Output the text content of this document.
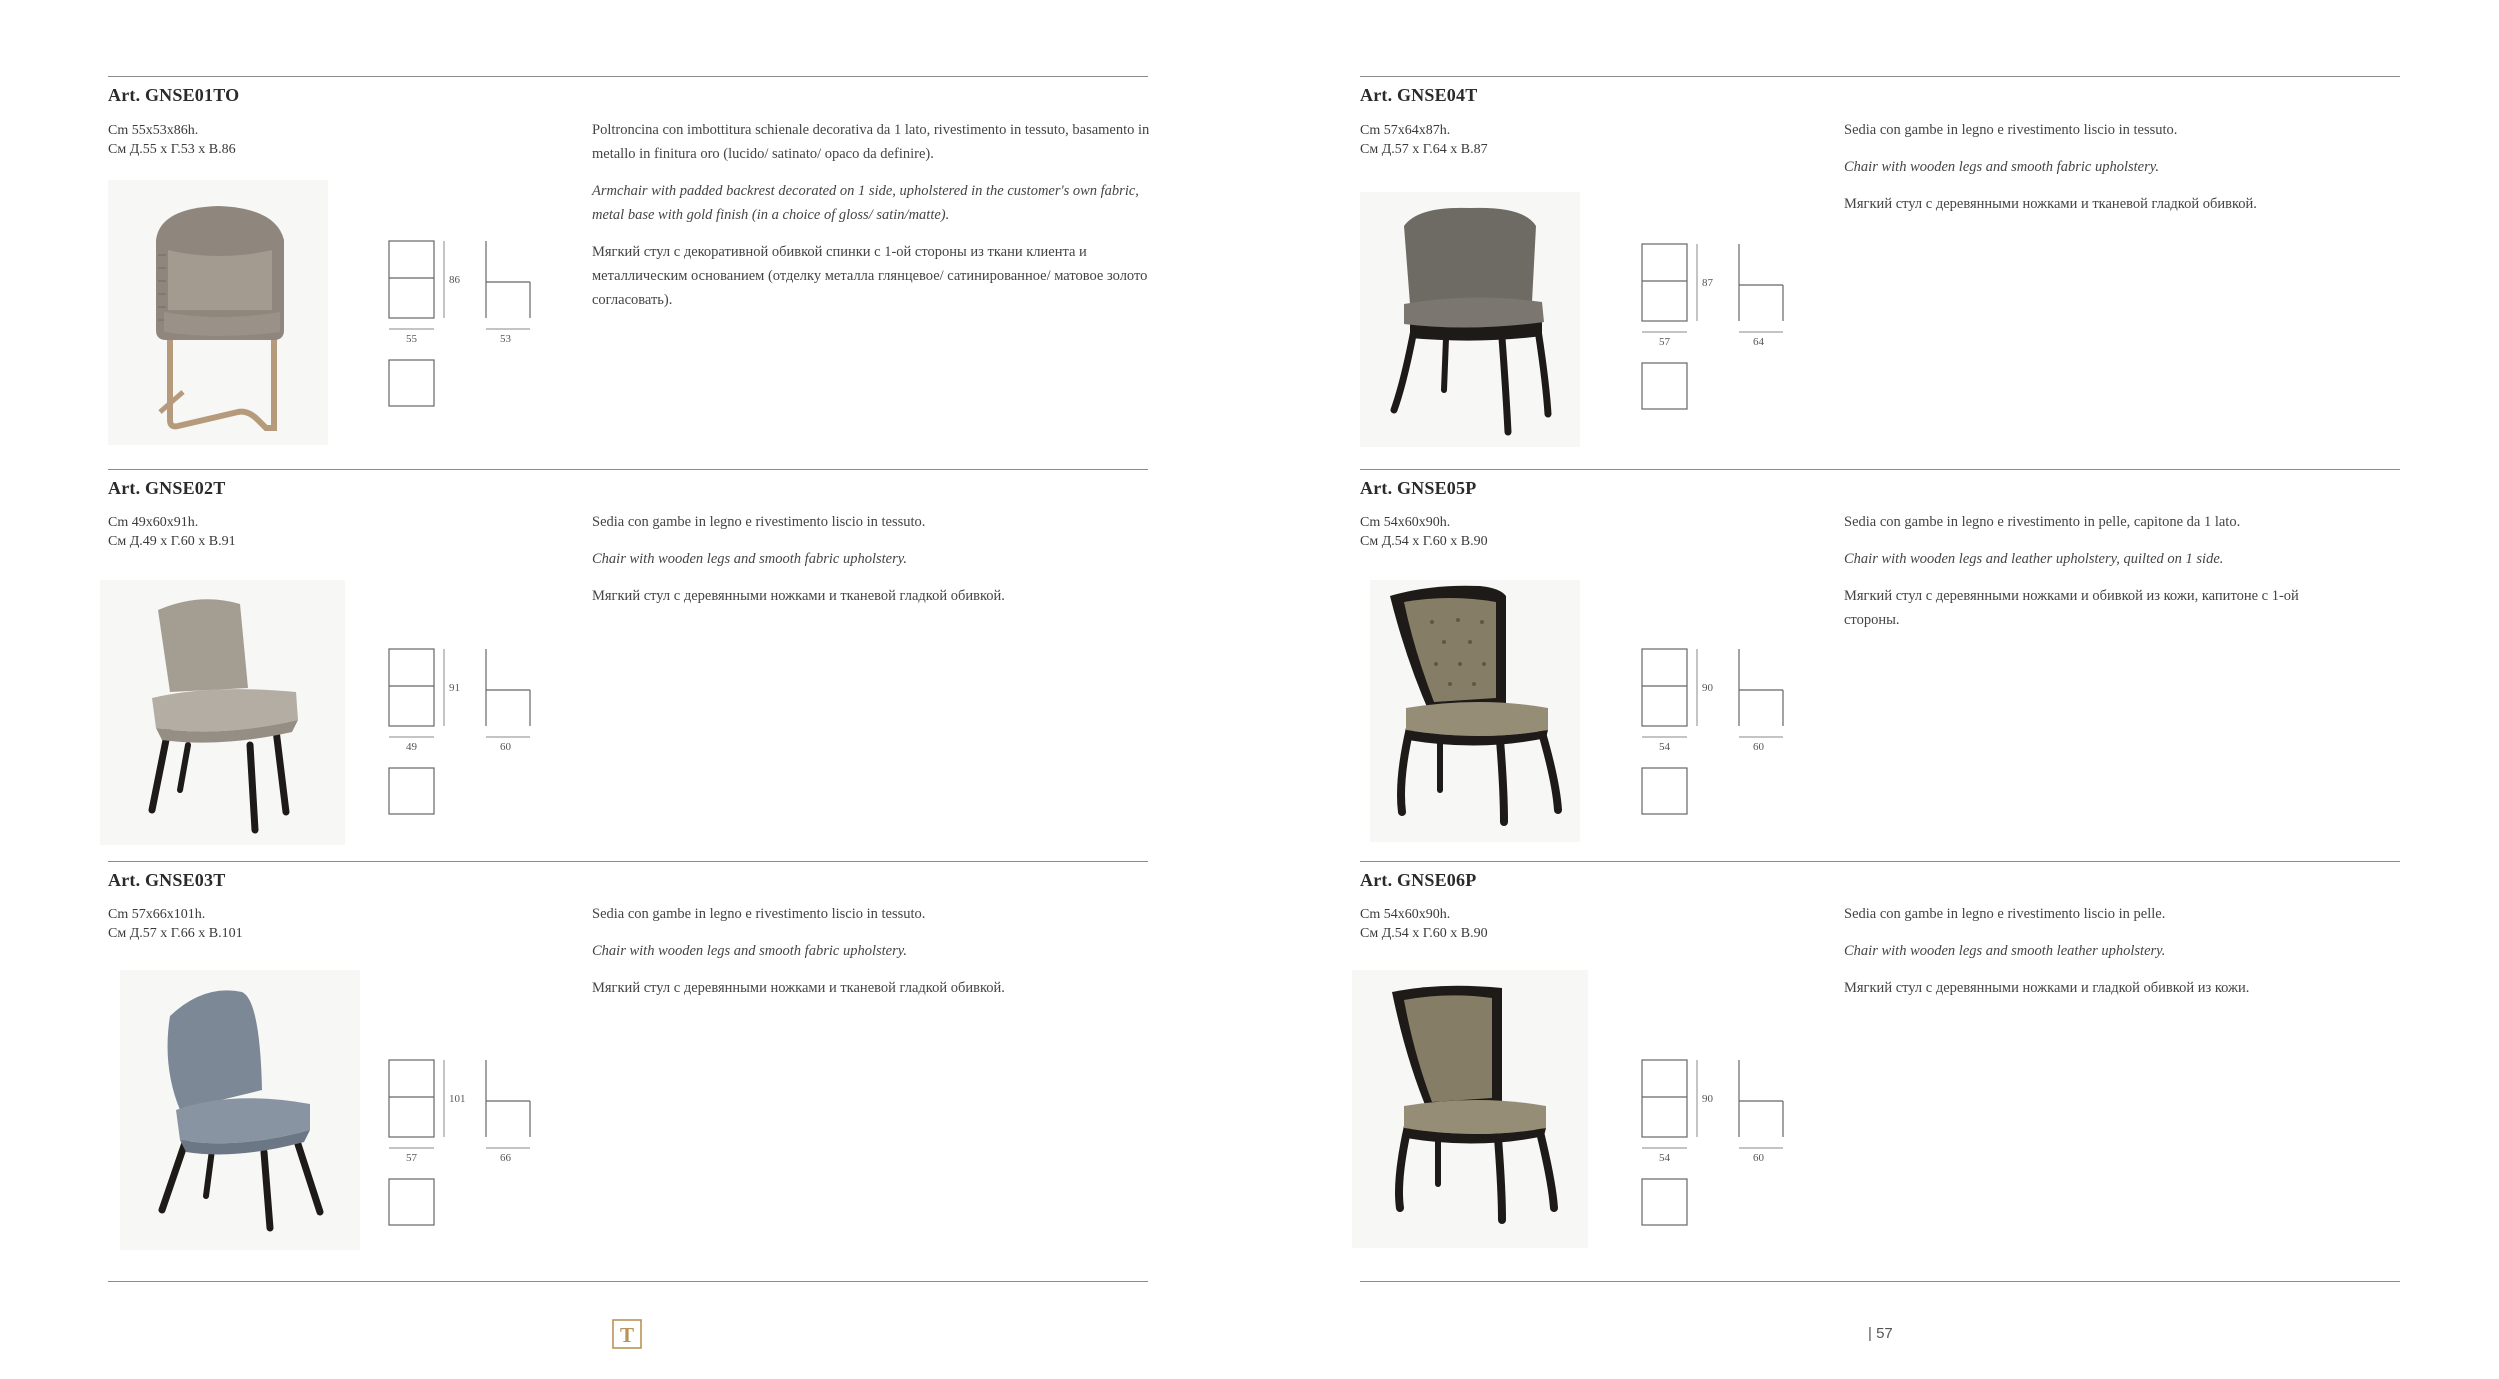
Art. GNSE01TO
Cm 55x53x86h.
См Д.55 х Г.53 х В.86
86
55	53

Poltroncina con imbottitura schienale decorativa da 1 lato, rivestimento in tessuto, basamento in metallo in finitura oro (lucido/ satinato/ opaco da definire).

Armchair with padded backrest decorated on 1 side, upholstered in the customer's own fabric, metal base with gold finish (in a choice of gloss/ satin/matte).

Мягкий стул с декоративной обивкой спинки с 1-ой стороны из ткани клиента и металлическим основанием (отделку металла глянцевое/ сатинированное/ матовое золото согласовать).

Art. GNSE02T
Cm 49x60x91h.
См Д.49 х Г.60 х В.91
91
49	60

Sedia con gambe in legno e rivestimento liscio in tessuto.

Chair with wooden legs and smooth fabric upholstery.

Мягкий стул с деревянными ножками и тканевой гладкой обивкой.

Art. GNSE03T
Cm 57x66x101h.
См Д.57 х Г.66 х В.101
101
57	66

Sedia con gambe in legno e rivestimento liscio in tessuto.

Chair with wooden legs and smooth fabric upholstery.

Мягкий стул с деревянными ножками и тканевой гладкой обивкой.

T
Art. GNSE04T
Cm 57x64x87h.
См Д.57 х Г.64 х В.87
87
57	64

Sedia con gambe in legno e rivestimento liscio in tessuto.

Chair with wooden legs and smooth fabric upholstery.

Мягкий стул с деревянными ножками и тканевой гладкой обивкой.

Art. GNSE05P
Cm 54x60x90h.
См Д.54 х Г.60 х В.90
90
54	60

Sedia con gambe in legno e rivestimento in pelle, capitone da 1 lato.

Chair with wooden legs and leather upholstery, quilted on 1 side.

Мягкий стул с деревянными ножками и обивкой из кожи, капитоне с 1-ой стороны.

Art. GNSE06P
Cm 54x60x90h.
См Д.54 х Г.60 х В.90
90
54	60

Sedia con gambe in legno e rivestimento liscio in pelle.

Chair with wooden legs and smooth leather upholstery.

Мягкий стул с деревянными ножками и гладкой обивкой из кожи.

| 57
